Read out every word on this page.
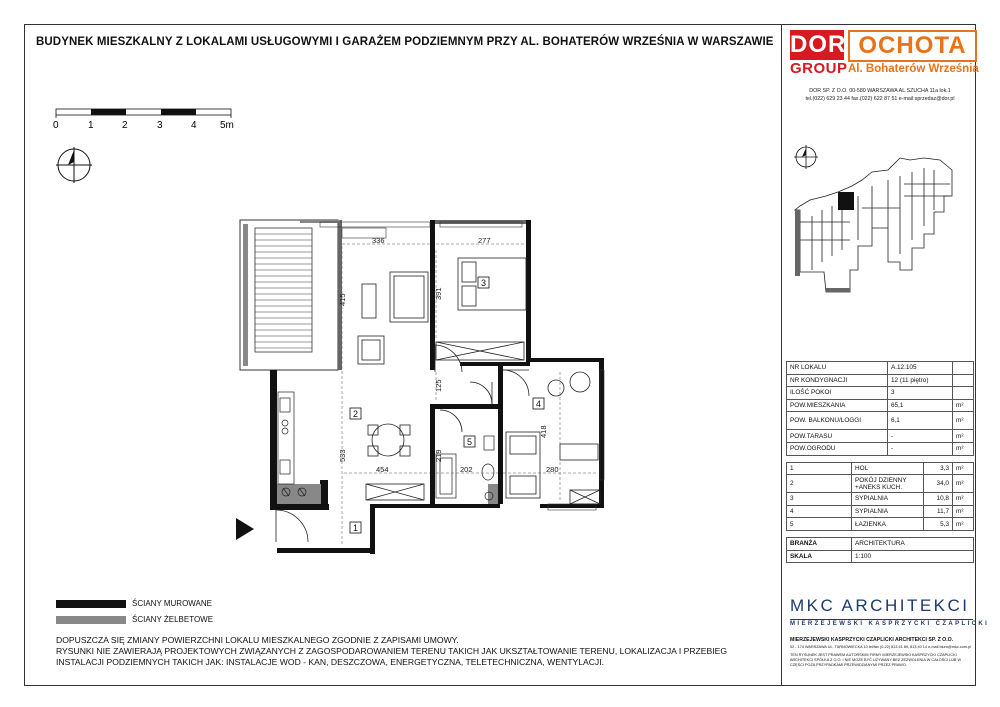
BUDYNEK MIESZKALNY Z LOKALAMI USŁUGOWYMI I GARAŻEM PODZIEMNYM PRZY AL. BOHATERÓW WRZEŚNIA W WARSZAWIE DOR OCHOTA
GROUP Al. Bohaterów Września
DOR SP. Z O.O. 00-580 WARSZAWA AL.SZUCHA 11a lok.1
tel.(022) 629 23 44 fax.(022) 622 87 51 e-mail:sprzedaz@dor.pl
0	1	2	3	4 5m
336	277
415	391
125
533
454	202	280
418
219
1
2
3
4
5
NR LOKALU		A.12.105		
NR KONDYGNACJI		12 (11 piętro)		
ILOŚĆ POKOI		3		
POW.MIESZKANIA		65,1		m²
POW. BALKONU/LOGGI		6,1		m²
POW.TARASU		-		m²
POW.OGRODU		-		m²

1	HOL		3,3	m²
2	POKÓJ DZIENNY +ANEKS KUCH.		34,0	m²
3	SYPIALNIA		10,8	m²
4	SYPIALNIA		11,7	m²
5	ŁAZIENKA		5,3	m²

BRANŻA	ARCHITEKTURA			
SKALA	1:100			
ŚCIANY MUROWANE
ŚCIANY ŻELBETOWE
DOPUSZCZA SIĘ ZMIANY POWIERZCHNI LOKALU MIESZKALNEGO ZGODNIE Z ZAPISAMI UMOWY.
RYSUNKI NIE ZAWIERAJĄ PROJEKTOWYCH ZWIĄZANYCH Z ZAGOSPODAROWANIEM TERENU TAKICH JAK UKSZTAŁTOWANIE TERENU, LOKALIZACJA I PRZEBIEG
INSTALACJI PODZIEMNYCH TAKICH JAK: INSTALACJE WOD - KAN, DESZCZOWA, ENERGETYCZNA, TELETECHNICZNA, WENTYLACJI.
MKC ARCHITEKCI
MIERZEJEWSKI KASPRZYCKI CZAPLICKI
MIERZEJEWSKI KASPRZYCKI CZAPLICKI ARCHITEKCI SP. Z O.O.
02 - 174 WARSZAWA UL. TARNOWIECKA 10 tel/fax (0-22) 813 41 89, 813 40 14 e-mail biuro@mkc.com.pl
TEN RYSUNEK JEST PRAWEM AUTORSKIM FIRMY MIERZEJEWSKI KASPRZYCKI CZAPLICKI ARCHITEKCI SPÓŁKA Z O.O. I NIE MOŻE BYĆ UŻYWANY BEZ ZEZWOLENIA W CAŁOŚCI LUB W CZĘŚCI POZA PRZYPADKAMI PRZEWIDZIANYMI PRZEZ PRAWO.
